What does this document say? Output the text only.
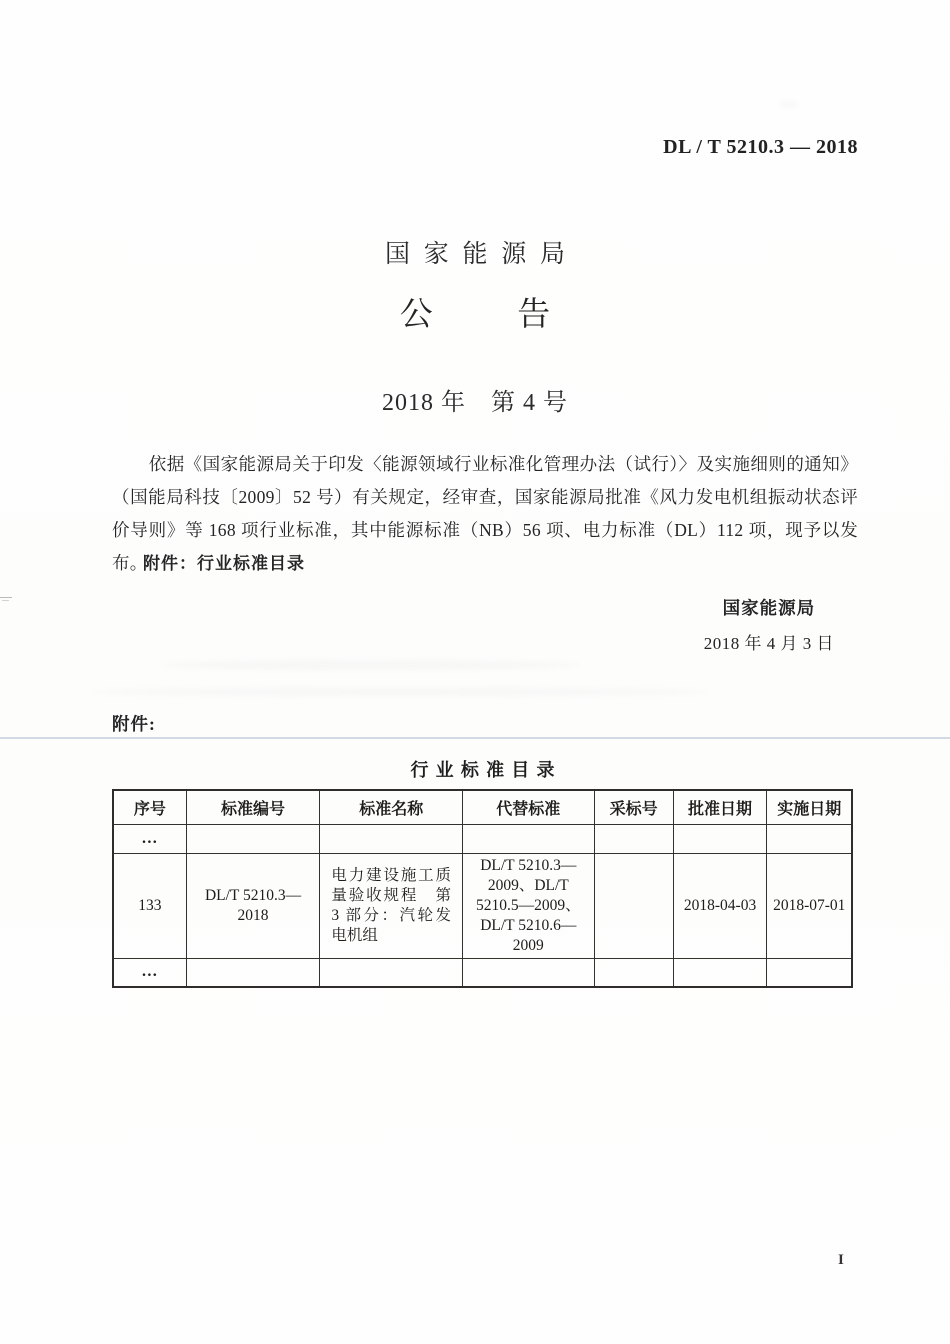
DL / T 5210.3 — 2018
国家能源局
公	告
2018 年　第 4 号

依据《国家能源局关于印发〈能源领域行业标准化管理办法（试行）〉及实施细则的通知》（国能局科技〔2009〕52 号）有关规定，经审查，国家能源局批准《风力发电机组振动状态评价导则》等 168 项行业标准，其中能源标准（NB）56 项、电力标准（DL）112 项，现予以发布。

附件：行业标准目录
国家能源局
2018 年 4 月 3 日
附件:
行业标准目录
序号	标准编号	标准名称	代替标准	采标号	批准日期	实施日期
…						
133	DL/T 5210.3—2018	电力建设施工质量验收规程　第 3 部分：汽轮发电机组	DL/T 5210.3—2009、DL/T 5210.5—2009、DL/T 5210.6—2009		2018-04-03	2018-07-01
…						
I
